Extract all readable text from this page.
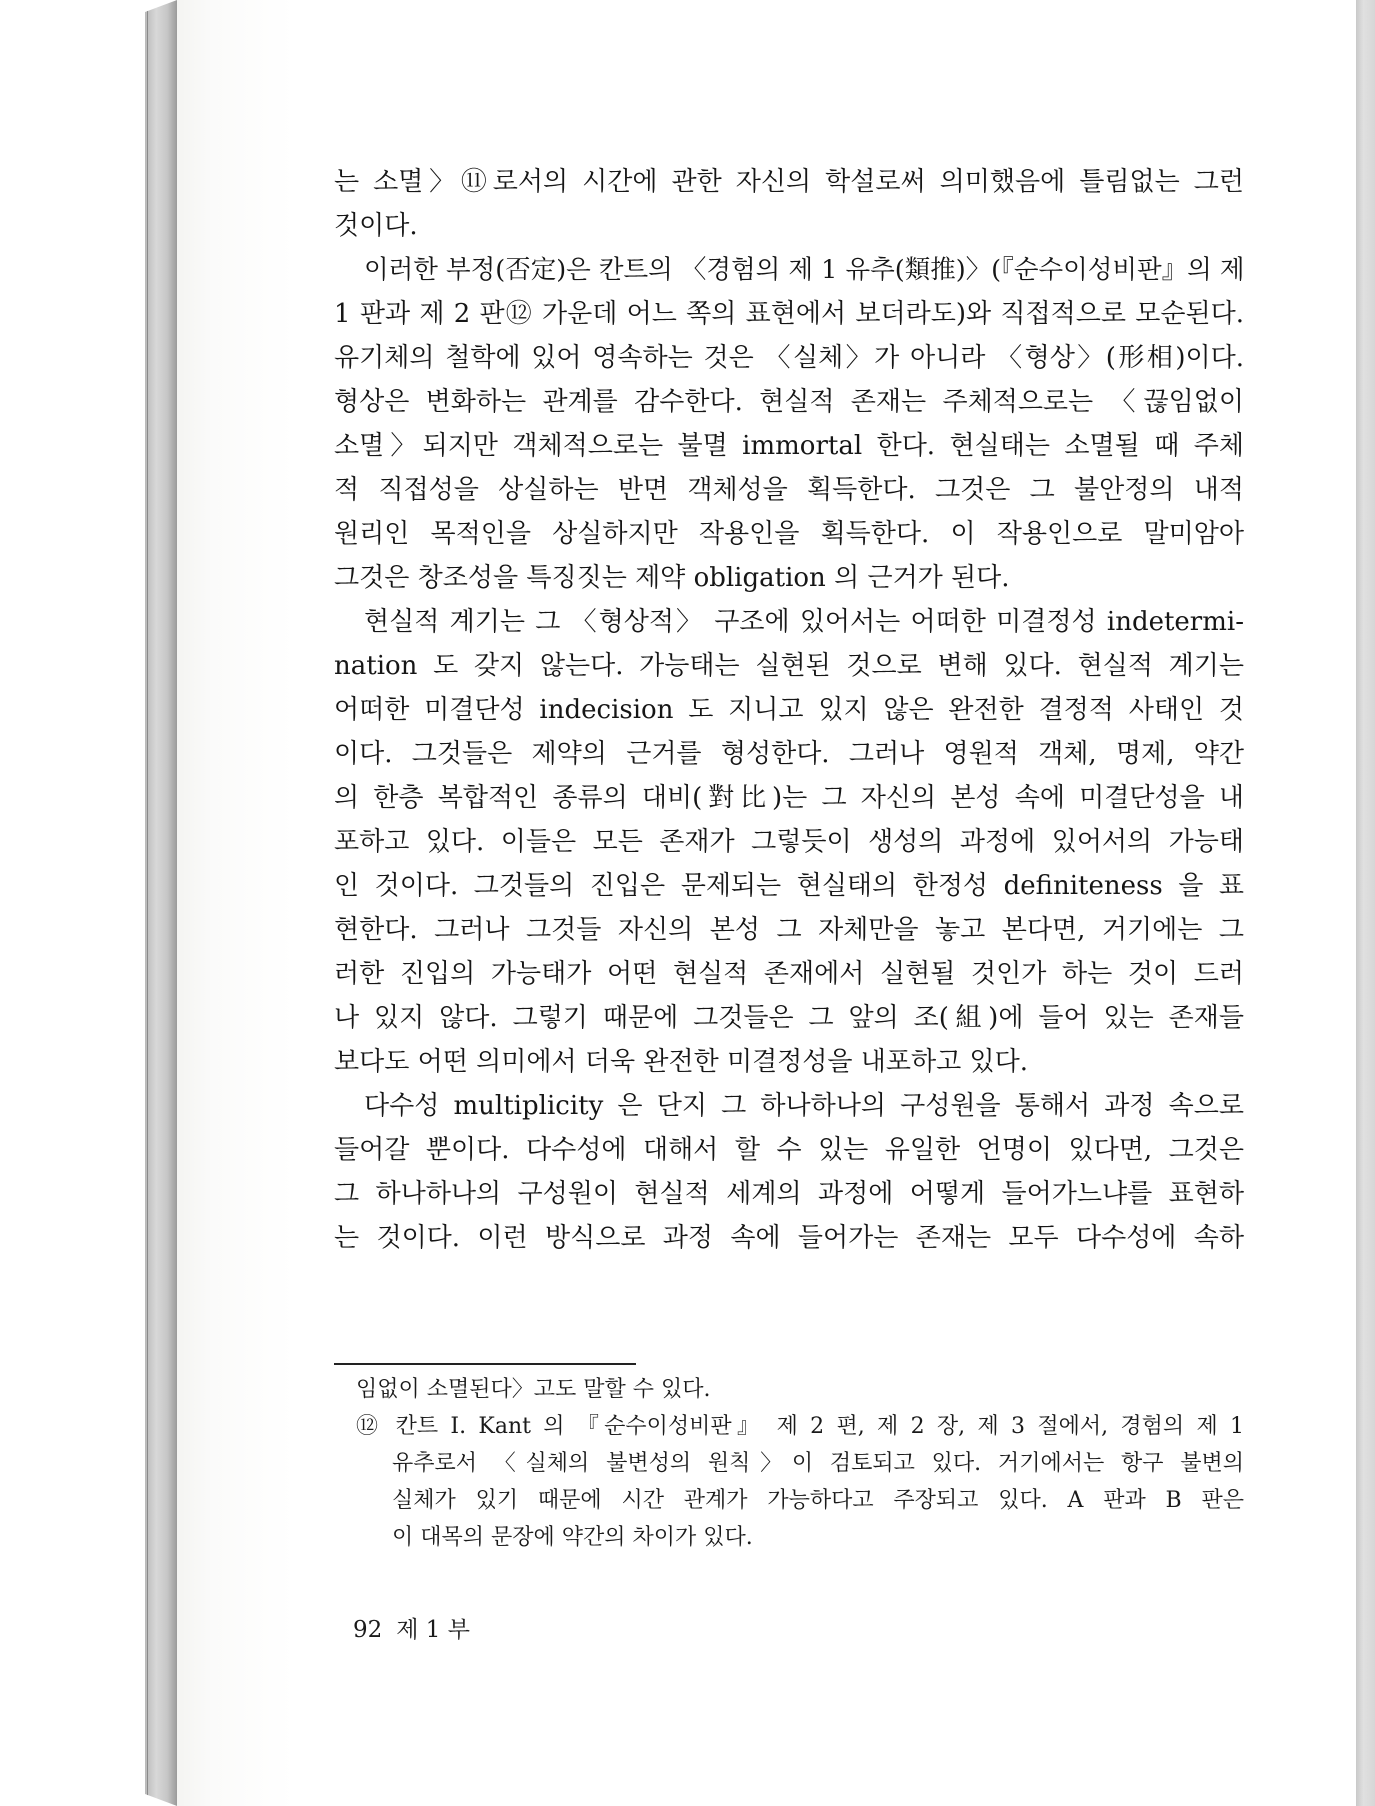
는 소멸〉⑪로서의 시간에 관한 자신의 학설로써 의미했음에 틀림없는 그런
것이다.
이러한 부정(否定)은 칸트의 〈경험의 제 1 유추(類推)〉(『순수이성비판』의 제
1 판과 제 2 판⑫ 가운데 어느 쪽의 표현에서 보더라도)와 직접적으로 모순된다.
유기체의 철학에 있어 영속하는 것은 〈실체〉가 아니라 〈형상〉(形相)이다.
형상은 변화하는 관계를 감수한다. 현실적 존재는 주체적으로는 〈끊임없이
소멸〉되지만 객체적으로는 불멸 immortal 한다. 현실태는 소멸될 때 주체
적 직접성을 상실하는 반면 객체성을 획득한다. 그것은 그 불안정의 내적
원리인 목적인을 상실하지만 작용인을 획득한다. 이 작용인으로 말미암아
그것은 창조성을 특징짓는 제약 obligation 의 근거가 된다.
현실적 계기는 그 〈형상적〉 구조에 있어서는 어떠한 미결정성 indetermi-
nation 도 갖지 않는다. 가능태는 실현된 것으로 변해 있다. 현실적 계기는
어떠한 미결단성 indecision 도 지니고 있지 않은 완전한 결정적 사태인 것
이다. 그것들은 제약의 근거를 형성한다. 그러나 영원적 객체, 명제, 약간
의 한층 복합적인 종류의 대비(對比)는 그 자신의 본성 속에 미결단성을 내
포하고 있다. 이들은 모든 존재가 그렇듯이 생성의 과정에 있어서의 가능태
인 것이다. 그것들의 진입은 문제되는 현실태의 한정성 definiteness 을 표
현한다. 그러나 그것들 자신의 본성 그 자체만을 놓고 본다면, 거기에는 그
러한 진입의 가능태가 어떤 현실적 존재에서 실현될 것인가 하는 것이 드러
나 있지 않다. 그렇기 때문에 그것들은 그 앞의 조(組)에 들어 있는 존재들
보다도 어떤 의미에서 더욱 완전한 미결정성을 내포하고 있다.
다수성 multiplicity 은 단지 그 하나하나의 구성원을 통해서 과정 속으로
들어갈 뿐이다. 다수성에 대해서 할 수 있는 유일한 언명이 있다면, 그것은
그 하나하나의 구성원이 현실적 세계의 과정에 어떻게 들어가느냐를 표현하
는 것이다. 이런 방식으로 과정 속에 들어가는 존재는 모두 다수성에 속하
임없이 소멸된다〉고도 말할 수 있다.
⑫ 칸트 I. Kant 의 『순수이성비판』 제 2 편, 제 2 장, 제 3 절에서, 경험의 제 1
유추로서 〈실체의 불변성의 원칙〉이 검토되고 있다. 거기에서는 항구 불변의
실체가 있기 때문에 시간 관계가 가능하다고 주장되고 있다. A 판과 B 판은
이 대목의 문장에 약간의 차이가 있다.
92 제 1 부
